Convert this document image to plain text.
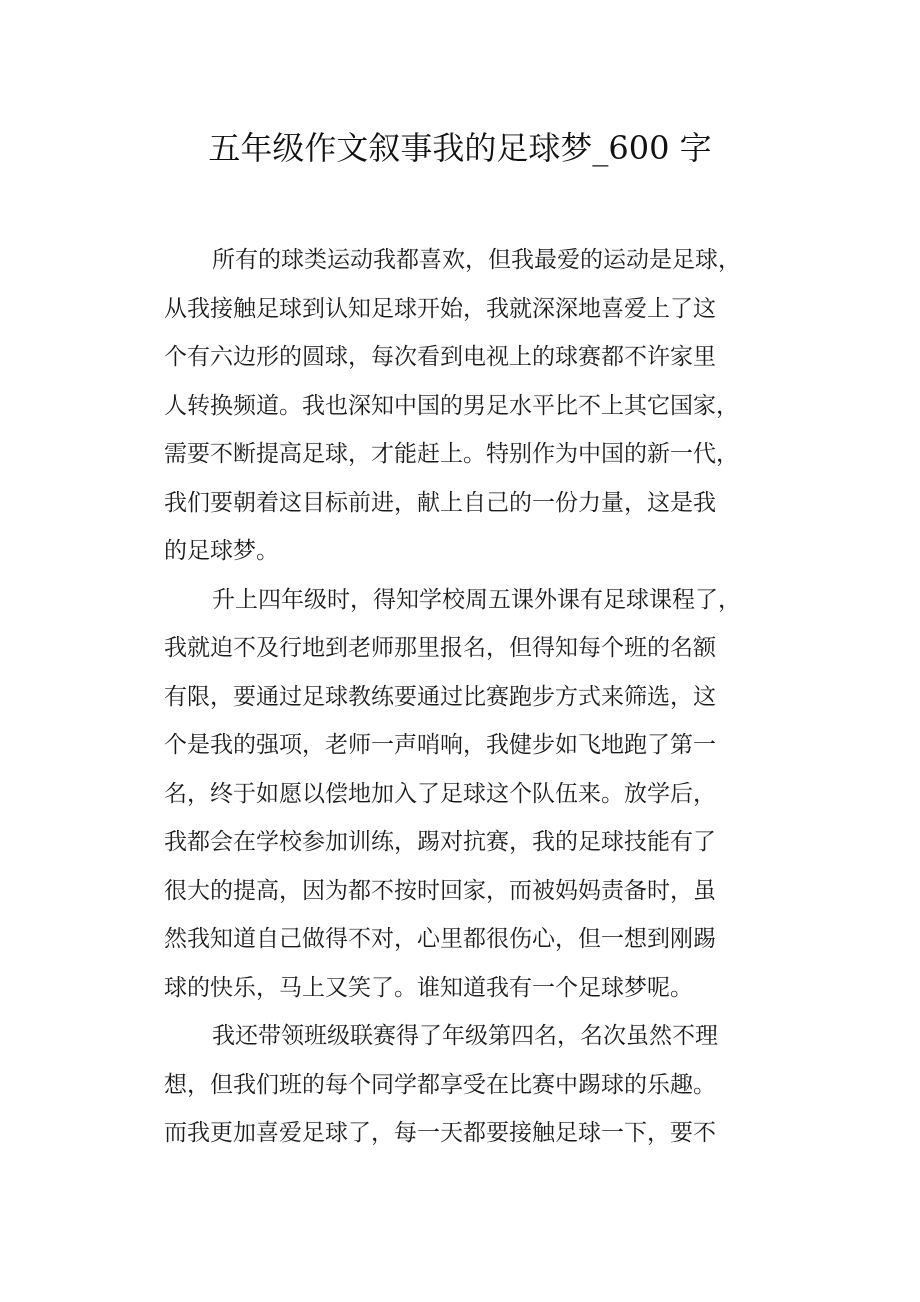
五年级作文叙事我的足球梦_600 字
所有的球类运动我都喜欢，但我最爱的运动是足球，
从我接触足球到认知足球开始，我就深深地喜爱上了这
个有六边形的圆球，每次看到电视上的球赛都不许家里
人转换频道。我也深知中国的男足水平比不上其它国家，
需要不断提高足球，才能赶上。特别作为中国的新一代，
我们要朝着这目标前进，献上自己的一份力量，这是我
的足球梦。
升上四年级时，得知学校周五课外课有足球课程了，
我就迫不及行地到老师那里报名，但得知每个班的名额
有限，要通过足球教练要通过比赛跑步方式来筛选，这
个是我的强项，老师一声哨响，我健步如飞地跑了第一
名，终于如愿以偿地加入了足球这个队伍来。放学后，
我都会在学校参加训练，踢对抗赛，我的足球技能有了
很大的提高，因为都不按时回家，而被妈妈责备时，虽
然我知道自己做得不对，心里都很伤心，但一想到刚踢
球的快乐，马上又笑了。谁知道我有一个足球梦呢。
我还带领班级联赛得了年级第四名，名次虽然不理
想，但我们班的每个同学都享受在比赛中踢球的乐趣。
而我更加喜爱足球了，每一天都要接触足球一下，要不
